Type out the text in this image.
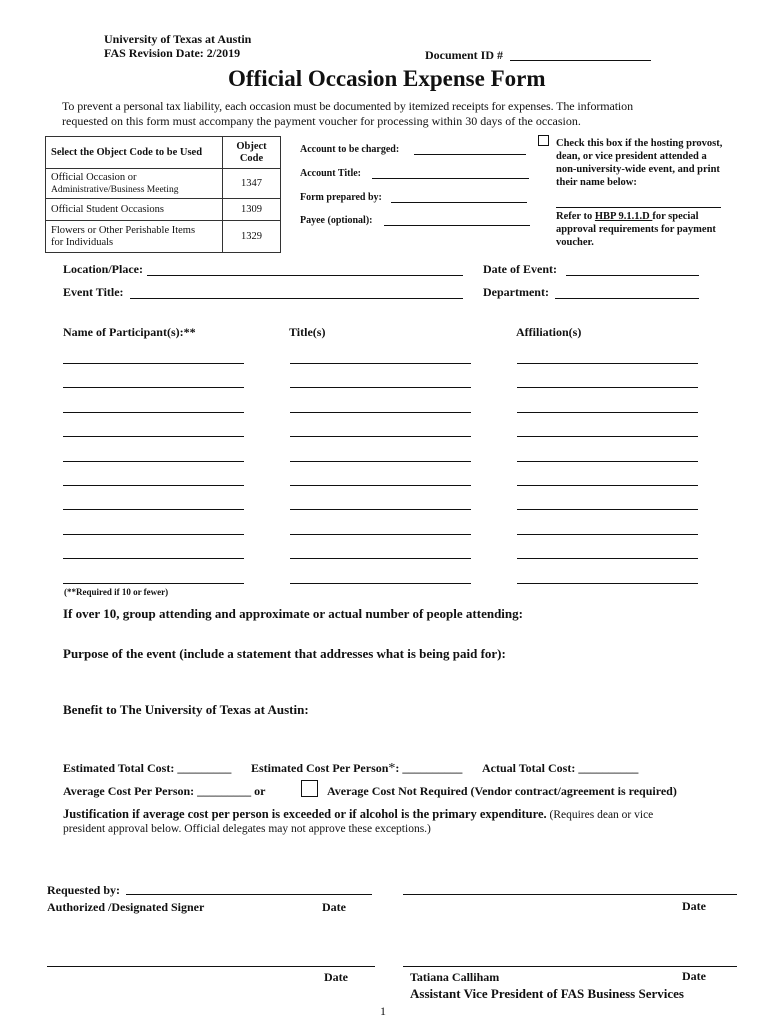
University of Texas at Austin
FAS Revision Date: 2/2019	Document ID #
Official Occasion Expense Form
To prevent a personal tax liability, each occasion must be documented by itemized receipts for expenses. The information
requested on this form must accompany the payment voucher for processing within 30 days of the occasion.
Select the Object Code to be Used	Object
Code
Official Occasion or
Administrative/Business Meeting	1347
Official Student Occasions	1309
Flowers or Other Perishable Items
for Individuals	1329
Account to be charged:
Account Title:
Form prepared by:
Payee (optional):
Check this box if the hosting provost,
dean, or vice president attended a
non-university-wide event, and print
their name below:
Refer to HBP 9.1.1.D for special
approval requirements for payment
voucher.
Location/Place:	Date of Event:
Event Title:	Department:
Name of Participant(s):**	Title(s)	Affiliation(s)
(**Required if 10 or fewer)
If over 10, group attending and approximate or actual number of people attending:
Purpose of the event (include a statement that addresses what is being paid for):
Benefit to The University of Texas at Austin:
Estimated Total Cost: _________ Estimated Cost Per Person*: __________ Actual Total Cost: __________
Average Cost Per Person: _________ or	Average Cost Not Required (Vendor contract/agreement is required)
Justification if average cost per person is exceeded or if alcohol is the primary expenditure. (Requires dean or vice
president approval below. Official delegates may not approve these exceptions.)
Requested by:
Authorized /Designated Signer	Date	Date
Date	Tatiana Calliham	Date
Assistant Vice President of FAS Business Services
1
